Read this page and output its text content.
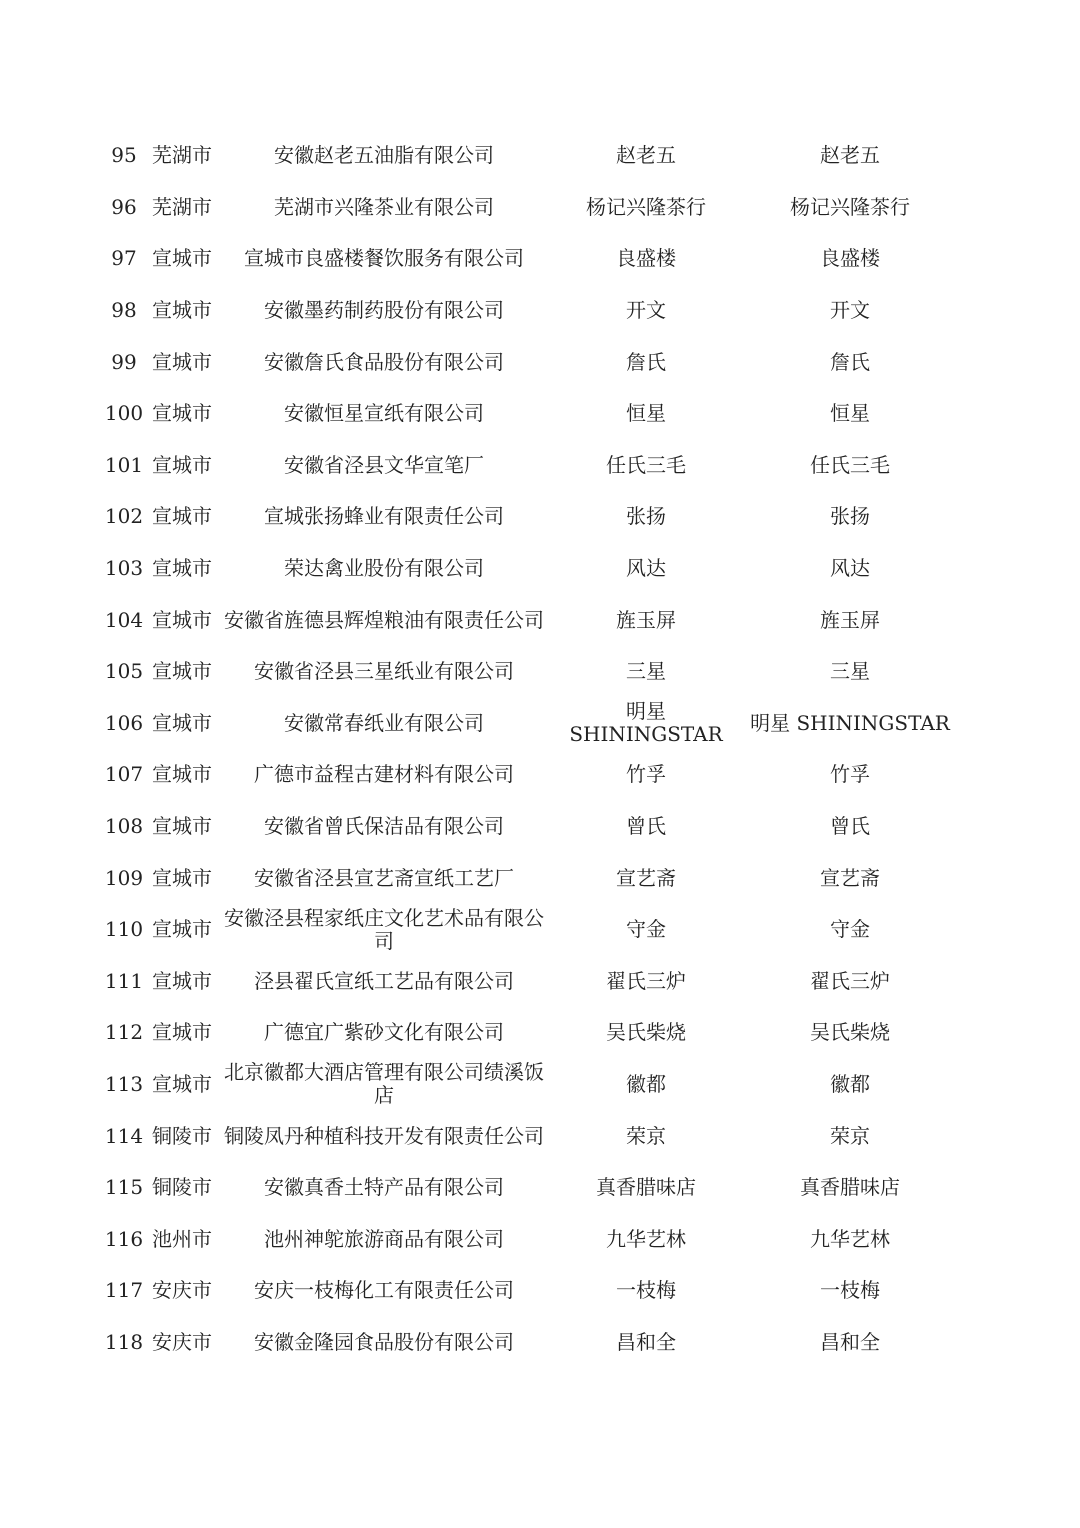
95	芜湖市	安徽赵老五油脂有限公司	赵老五	赵老五
96	芜湖市	芜湖市兴隆茶业有限公司	杨记兴隆茶行	杨记兴隆茶行
97	宣城市	宣城市良盛楼餐饮服务有限公司	良盛楼	良盛楼
98	宣城市	安徽墨药制药股份有限公司	开文	开文
99	宣城市	安徽詹氏食品股份有限公司	詹氏	詹氏
100	宣城市	安徽恒星宣纸有限公司	恒星	恒星
101	宣城市	安徽省泾县文华宣笔厂	任氏三毛	任氏三毛
102	宣城市	宣城张扬蜂业有限责任公司	张扬	张扬
103	宣城市	荣达禽业股份有限公司	风达	风达
104	宣城市	安徽省旌德县辉煌粮油有限责任公司	旌玉屏	旌玉屏
105	宣城市	安徽省泾县三星纸业有限公司	三星	三星
106	宣城市	安徽常春纸业有限公司	明星 SHININGSTAR	明星 SHININGSTAR
107	宣城市	广德市益程古建材料有限公司	竹孚	竹孚
108	宣城市	安徽省曾氏保洁品有限公司	曾氏	曾氏
109	宣城市	安徽省泾县宣艺斋宣纸工艺厂	宣艺斋	宣艺斋
110	宣城市	安徽泾县程家纸庄文化艺术品有限公司	守金	守金
111	宣城市	泾县翟氏宣纸工艺品有限公司	翟氏三炉	翟氏三炉
112	宣城市	广德宜广紫砂文化有限公司	吴氏柴烧	吴氏柴烧
113	宣城市	北京徽都大酒店管理有限公司绩溪饭店	徽都	徽都
114	铜陵市	铜陵凤丹种植科技开发有限责任公司	荣京	荣京
115	铜陵市	安徽真香土特产品有限公司	真香腊味店	真香腊味店
116	池州市	池州神鸵旅游商品有限公司	九华艺林	九华艺林
117	安庆市	安庆一枝梅化工有限责任公司	一枝梅	一枝梅
118	安庆市	安徽金隆园食品股份有限公司	昌和全	昌和全
